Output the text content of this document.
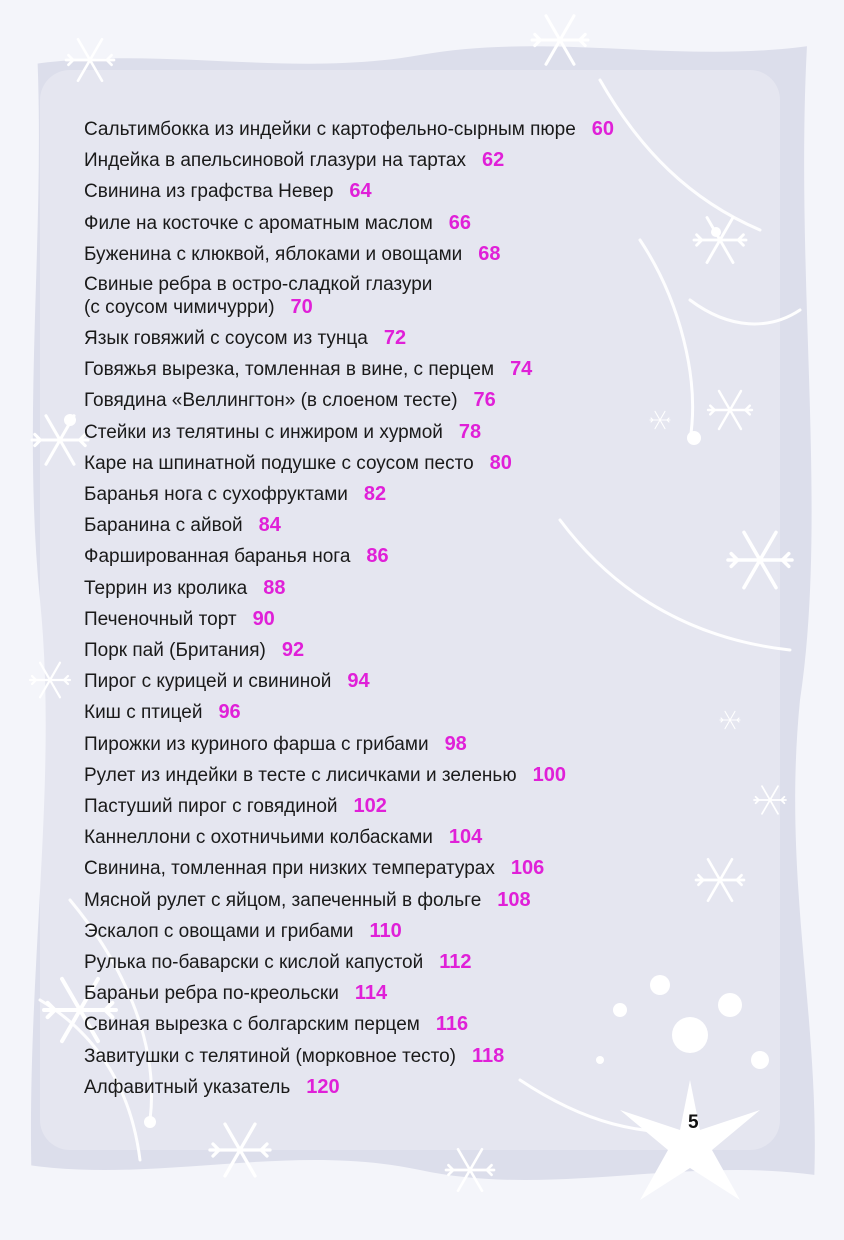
Сальтимбокка из индейки с картофельно-сырным пюре 60
Индейка в апельсиновой глазури на тартах 62
Свинина из графства Невер 64
Филе на косточке с ароматным маслом 66
Буженина с клюквой, яблоками и овощами 68
Свиные ребра в остро-сладкой глазури
(с соусом чимичурри) 70
Язык говяжий с соусом из тунца 72
Говяжья вырезка, томленная в вине, с перцем 74
Говядина «Веллингтон» (в слоеном тесте) 76
Стейки из телятины с инжиром и хурмой 78
Каре на шпинатной подушке с соусом песто 80
Баранья нога с сухофруктами 82
Баранина с айвой 84
Фаршированная баранья нога 86
Террин из кролика 88
Печеночный торт 90
Порк пай (Британия) 92
Пирог с курицей и свининой 94
Киш с птицей 96
Пирожки из куриного фарша с грибами 98
Рулет из индейки в тесте с лисичками и зеленью 100
Пастуший пирог с говядиной 102
Каннеллони с охотничьими колбасками 104
Свинина, томленная при низких температурах 106
Мясной рулет с яйцом, запеченный в фольге 108
Эскалоп с овощами и грибами 110
Рулька по-баварски с кислой капустой 112
Бараньи ребра по-креольски 114
Свиная вырезка с болгарским перцем 116
Завитушки с телятиной (морковное тесто) 118
Алфавитный указатель 120
5
